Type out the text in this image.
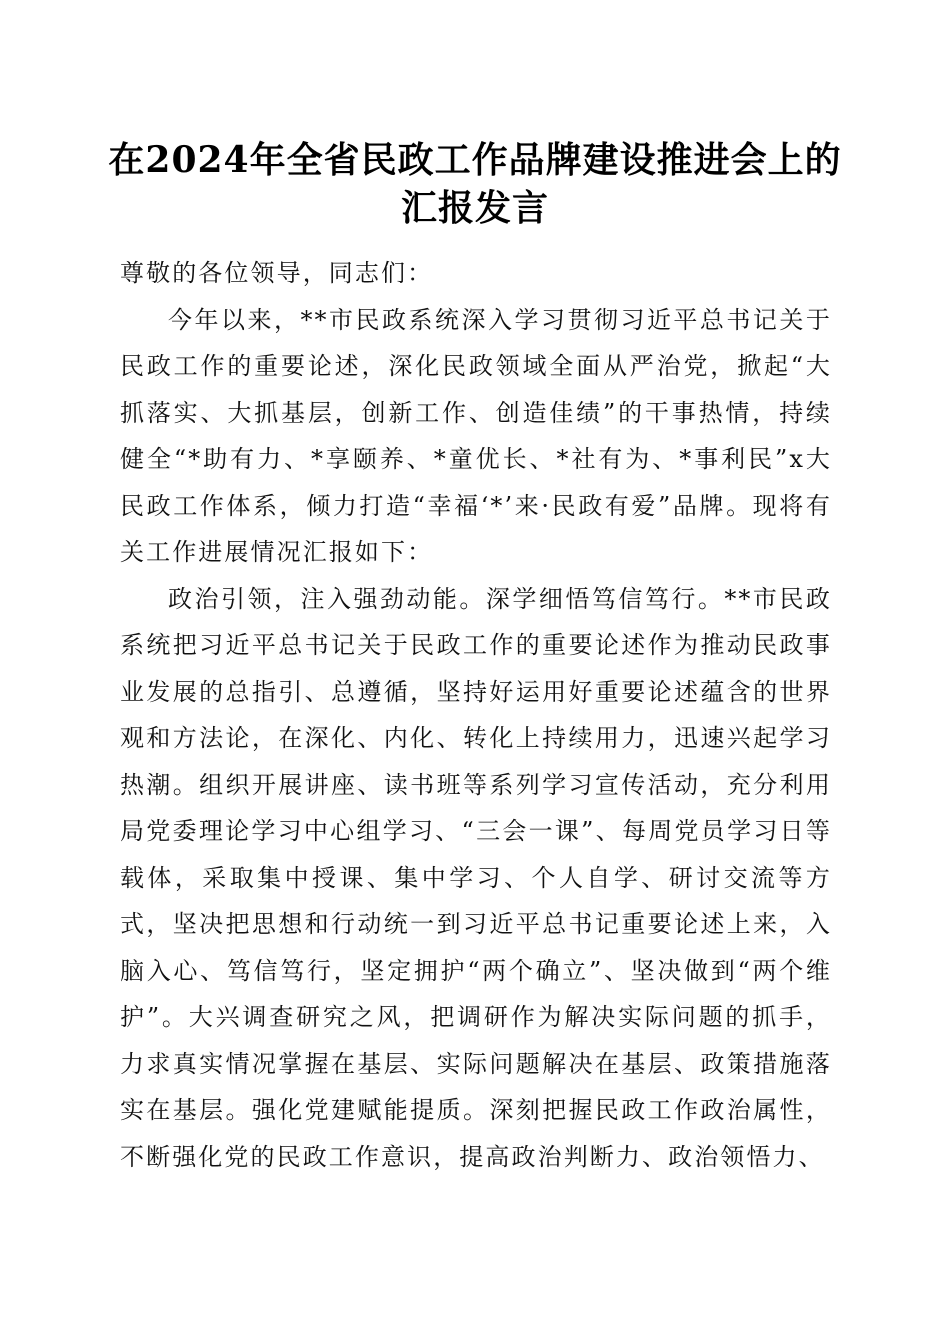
在2024年全省民政工作品牌建设推进会上的
汇报发言

尊敬的各位领导，同志们：

今年以来，**市民政系统深入学习贯彻习近平总书记关于民政工作的重要论述，深化民政领域全面从严治党，掀起“大抓落实、大抓基层，创新工作、创造佳绩”的干事热情，持续健全“*助有力、*享颐养、*童优长、*社有为、*事利民”x大民政工作体系，倾力打造“幸福‘*’来·民政有爱”品牌。现将有关工作进展情况汇报如下：

政治引领，注入强劲动能。深学细悟笃信笃行。**市民政系统把习近平总书记关于民政工作的重要论述作为推动民政事业发展的总指引、总遵循，坚持好运用好重要论述蕴含的世界观和方法论，在深化、内化、转化上持续用力，迅速兴起学习热潮。组织开展讲座、读书班等系列学习宣传活动，充分利用局党委理论学习中心组学习、“三会一课”、每周党员学习日等载体，采取集中授课、集中学习、个人自学、研讨交流等方式，坚决把思想和行动统一到习近平总书记重要论述上来，入脑入心、笃信笃行，坚定拥护“两个确立”、坚决做到“两个维护”。大兴调查研究之风，把调研作为解决实际问题的抓手，力求真实情况掌握在基层、实际问题解决在基层、政策措施落实在基层。强化党建赋能提质。深刻把握民政工作政治属性，不断强化党的民政工作意识，提高政治判断力、政治领悟力、
